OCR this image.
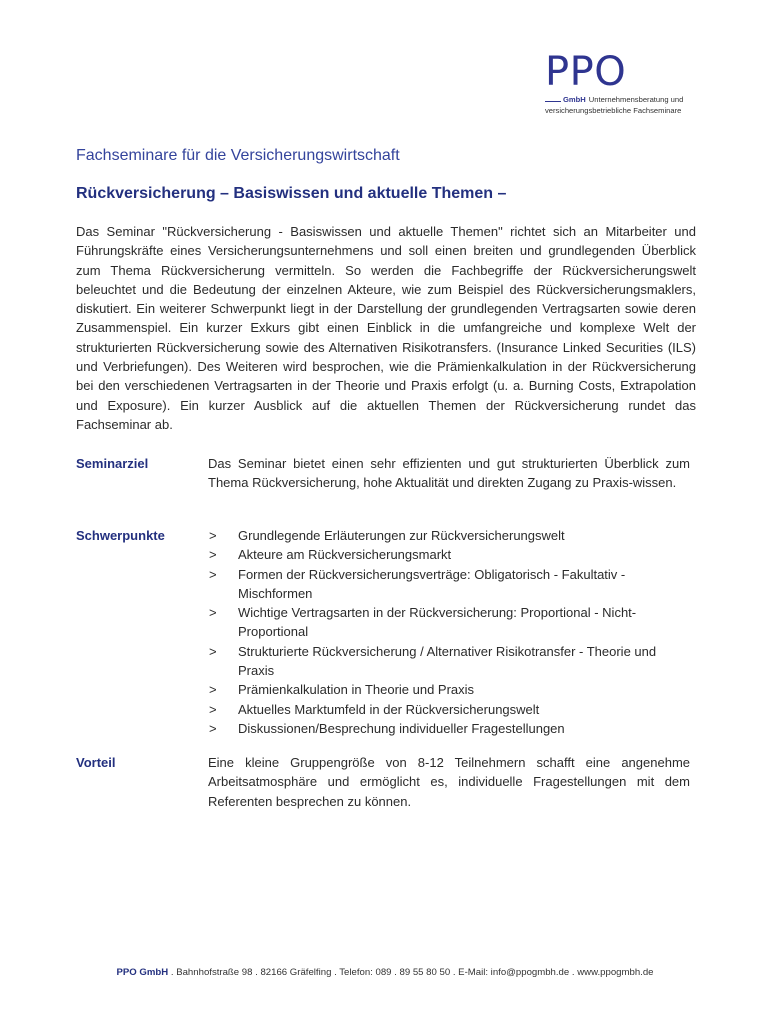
PPO
GmbH Unternehmensberatung und
versicherungsbetriebliche Fachseminare
Fachseminare für die Versicherungswirtschaft
Rückversicherung – Basiswissen und aktuelle Themen –
Das Seminar "Rückversicherung - Basiswissen und aktuelle Themen" richtet sich an Mitarbeiter und Führungskräfte eines Versicherungsunternehmens und soll einen breiten und grundlegenden Überblick zum Thema Rückversicherung vermitteln. So werden die Fachbegriffe der Rückversicherungswelt beleuchtet und die Bedeutung der einzelnen Akteure, wie zum Beispiel des Rückversicherungsmaklers, diskutiert. Ein weiterer Schwerpunkt liegt in der Darstellung der grundlegenden Vertragsarten sowie deren Zusammenspiel. Ein kurzer Exkurs gibt einen Einblick in die umfangreiche und komplexe Welt der strukturierten Rückversicherung sowie des Alternativen Risikotransfers. (Insurance Linked Securities (ILS) und Verbriefungen). Des Weiteren wird besprochen, wie die Prämienkalkulation in der Rückversicherung bei den verschiedenen Vertragsarten in der Theorie und Praxis erfolgt (u. a. Burning Costs, Extrapolation und Exposure). Ein kurzer Ausblick auf die aktuellen Themen der Rückversicherung rundet das Fachseminar ab.
Seminarziel	Das Seminar bietet einen sehr effizienten und gut strukturierten Überblick zum Thema Rückversicherung, hohe Aktualität und direkten Zugang zu Praxis-wissen.
Schwerpunkte	> Grundlegende Erläuterungen zur Rückversicherungswelt
> Akteure am Rückversicherungsmarkt
> Formen der Rückversicherungsverträge: Obligatorisch - Fakultativ - Mischformen
> Wichtige Vertragsarten in der Rückversicherung: Proportional - Nicht-Proportional
> Strukturierte Rückversicherung / Alternativer Risikotransfer - Theorie und Praxis
> Prämienkalkulation in Theorie und Praxis
> Aktuelles Marktumfeld in der Rückversicherungswelt
> Diskussionen/Besprechung individueller Fragestellungen
Vorteil	Eine kleine Gruppengröße von 8-12 Teilnehmern schafft eine angenehme Arbeitsatmosphäre und ermöglicht es, individuelle Fragestellungen mit dem Referenten besprechen zu können.
PPO GmbH . Bahnhofstraße 98 . 82166 Gräfelfing . Telefon: 089 . 89 55 80 50 . E-Mail: info@ppogmbh.de . www.ppogmbh.de
